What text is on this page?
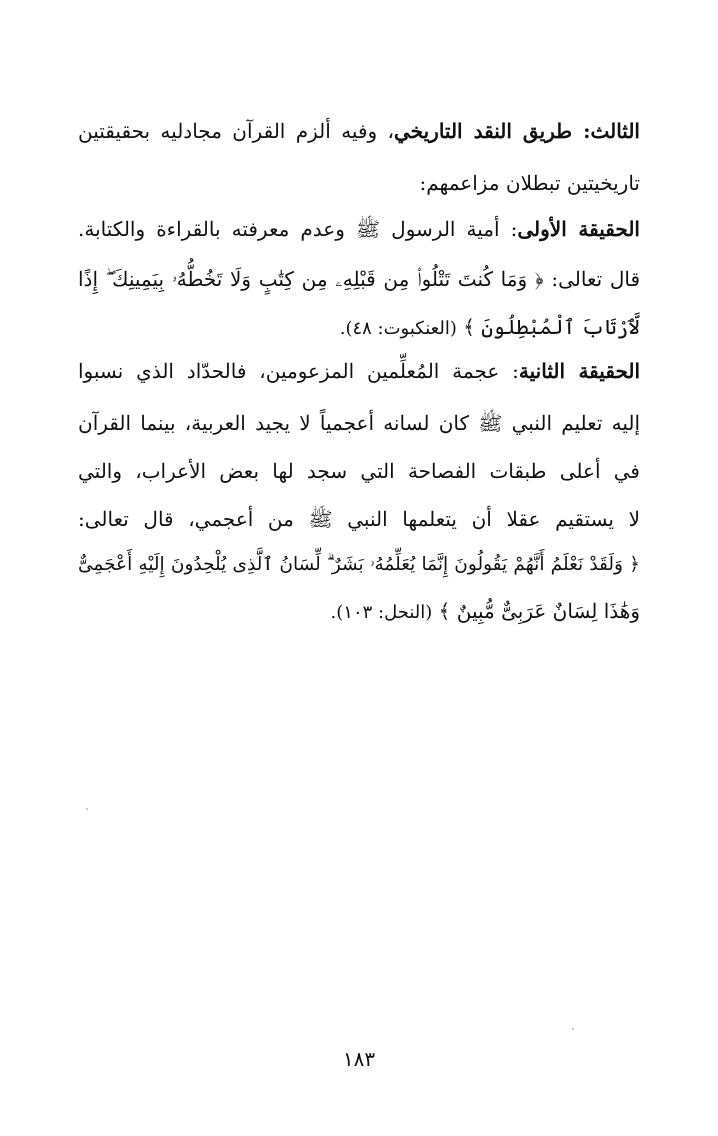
الثالث: طريق النقد التاريخي، وفيه ألزم القرآن مجادليه بحقيقتين
تاريخيتين تبطلان مزاعمهم:
الحقيقة الأولى: أمية الرسول ﷺ وعدم معرفته بالقراءة والكتابة.
قال تعالى: ﴿ وَمَا كُنتَ تَتْلُوا۟ مِن قَبْلِهِۦ مِن كِتَٰبٍ وَلَا تَخُطُّهُۥ بِيَمِينِكَ ۖ إِذًا
لَّٱرْتَابَ ٱلْمُبْطِلُونَ ﴾ (العنكبوت: ٤٨).
الحقيقة الثانية: عجمة المُعلِّمين المزعومين، فالحدّاد الذي نسبوا
إليه تعليم النبي ﷺ كان لسانه أعجمياً لا يجيد العربية، بينما القرآن
في أعلى طبقات الفصاحة التي سجد لها بعض الأعراب، والتي
لا يستقيم عقلا أن يتعلمها النبي ﷺ من أعجمي، قال تعالى:
﴿ وَلَقَدْ نَعْلَمُ أَنَّهُمْ يَقُولُونَ إِنَّمَا يُعَلِّمُهُۥ بَشَرٌ ۗ لِّسَانُ ٱلَّذِى يُلْحِدُونَ إِلَيْهِ أَعْجَمِىٌّ
وَهَٰذَا لِسَانٌ عَرَبِىٌّ مُّبِينٌ ﴾ (النحل: ١٠٣).
١٨٣
